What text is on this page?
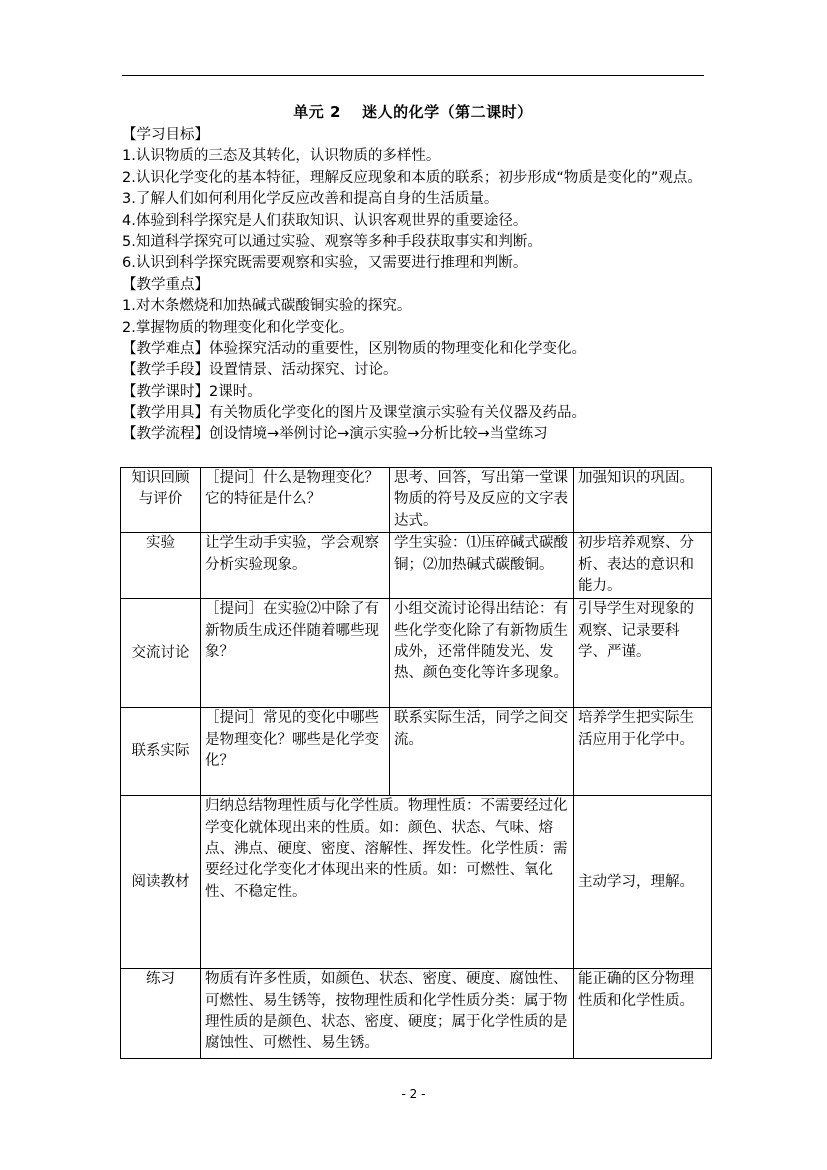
单元 2　 迷人的化学（第二课时）
【学习目标】
1.认识物质的三态及其转化，认识物质的多样性。
2.认识化学变化的基本特征，理解反应现象和本质的联系；初步形成“物质是变化的”观点。
3.了解人们如何利用化学反应改善和提高自身的生活质量。
4.体验到科学探究是人们获取知识、认识客观世界的重要途径。
5.知道科学探究可以通过实验、观察等多种手段获取事实和判断。
6.认识到科学探究既需要观察和实验，又需要进行推理和判断。
【教学重点】
1.对木条燃烧和加热碱式碳酸铜实验的探究。
2.掌握物质的物理变化和化学变化。
【教学难点】体验探究活动的重要性，区别物质的物理变化和化学变化。
【教学手段】设置情景、活动探究、讨论。
【教学课时】2课时。
【教学用具】有关物质化学变化的图片及课堂演示实验有关仪器及药品。
【教学流程】创设情境→举例讨论→演示实验→分析比较→当堂练习
知识回顾与评价	［提问］什么是物理变化？它的特征是什么？	思考、回答，写出第一堂课物质的符号及反应的文字表达式。	加强知识的巩固。
实验	让学生动手实验，学会观察分析实验现象。	学生实验：⑴压碎碱式碳酸铜；⑵加热碱式碳酸铜。	初步培养观察、分析、表达的意识和能力。
交流讨论	［提问］在实验⑵中除了有新物质生成还伴随着哪些现象？	小组交流讨论得出结论：有些化学变化除了有新物质生成外，还常伴随发光、发热、颜色变化等许多现象。	引导学生对现象的观察、记录要科学、严谨。
联系实际	［提问］常见的变化中哪些是物理变化？哪些是化学变化？	联系实际生活，同学之间交流。	培养学生把实际生活应用于化学中。
阅读教材	归纳总结物理性质与化学性质。物理性质：不需要经过化学变化就体现出来的性质。如：颜色、状态、气味、熔点、沸点、硬度、密度、溶解性、挥发性。化学性质：需要经过化学变化才体现出来的性质。如：可燃性、氧化性、不稳定性。		主动学习，理解。
练习	物质有许多性质，如颜色、状态、密度、硬度、腐蚀性、可燃性、易生锈等，按物理性质和化学性质分类：属于物理性质的是颜色、状态、密度、硬度；属于化学性质的是腐蚀性、可燃性、易生锈。		能正确的区分物理性质和化学性质。
- 2 -
